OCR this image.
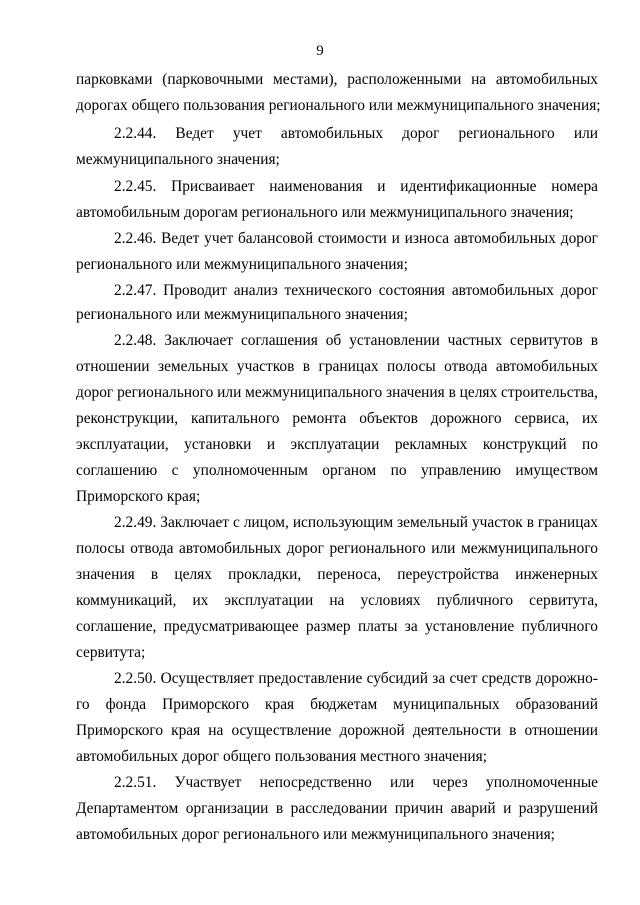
9
парковками (парковочными местами), расположенными на автомобильных
дорогах общего пользования регионального или межмуниципального значения;
2.2.44. Ведет учет автомобильных дорог регионального или
межмуниципального значения;
2.2.45. Присваивает наименования и идентификационные номера
автомобильным дорогам регионального или межмуниципального значения;
2.2.46. Ведет учет балансовой стоимости и износа автомобильных дорог
регионального или межмуниципального значения;
2.2.47. Проводит анализ технического состояния автомобильных дорог
регионального или межмуниципального значения;
2.2.48. Заключает соглашения об установлении частных сервитутов в
отношении земельных участков в границах полосы отвода автомобильных
дорог регионального или межмуниципального значения в целях строительства,
реконструкции, капитального ремонта объектов дорожного сервиса, их
эксплуатации, установки и эксплуатации рекламных конструкций по
соглашению с уполномоченным органом по управлению имуществом
Приморского края;
2.2.49. Заключает с лицом, использующим земельный участок в границах
полосы отвода автомобильных дорог регионального или межмуниципального
значения в целях прокладки, переноса, переустройства инженерных
коммуникаций, их эксплуатации на условиях публичного сервитута,
соглашение, предусматривающее размер платы за установление публичного
сервитута;
2.2.50. Осуществляет предоставление субсидий за счет средств дорожно-
го фонда Приморского края бюджетам муниципальных образований
Приморского края на осуществление дорожной деятельности в отношении
автомобильных дорог общего пользования местного значения;
2.2.51. Участвует непосредственно или через уполномоченные
Департаментом организации в расследовании причин аварий и разрушений
автомобильных дорог регионального или межмуниципального значения;
